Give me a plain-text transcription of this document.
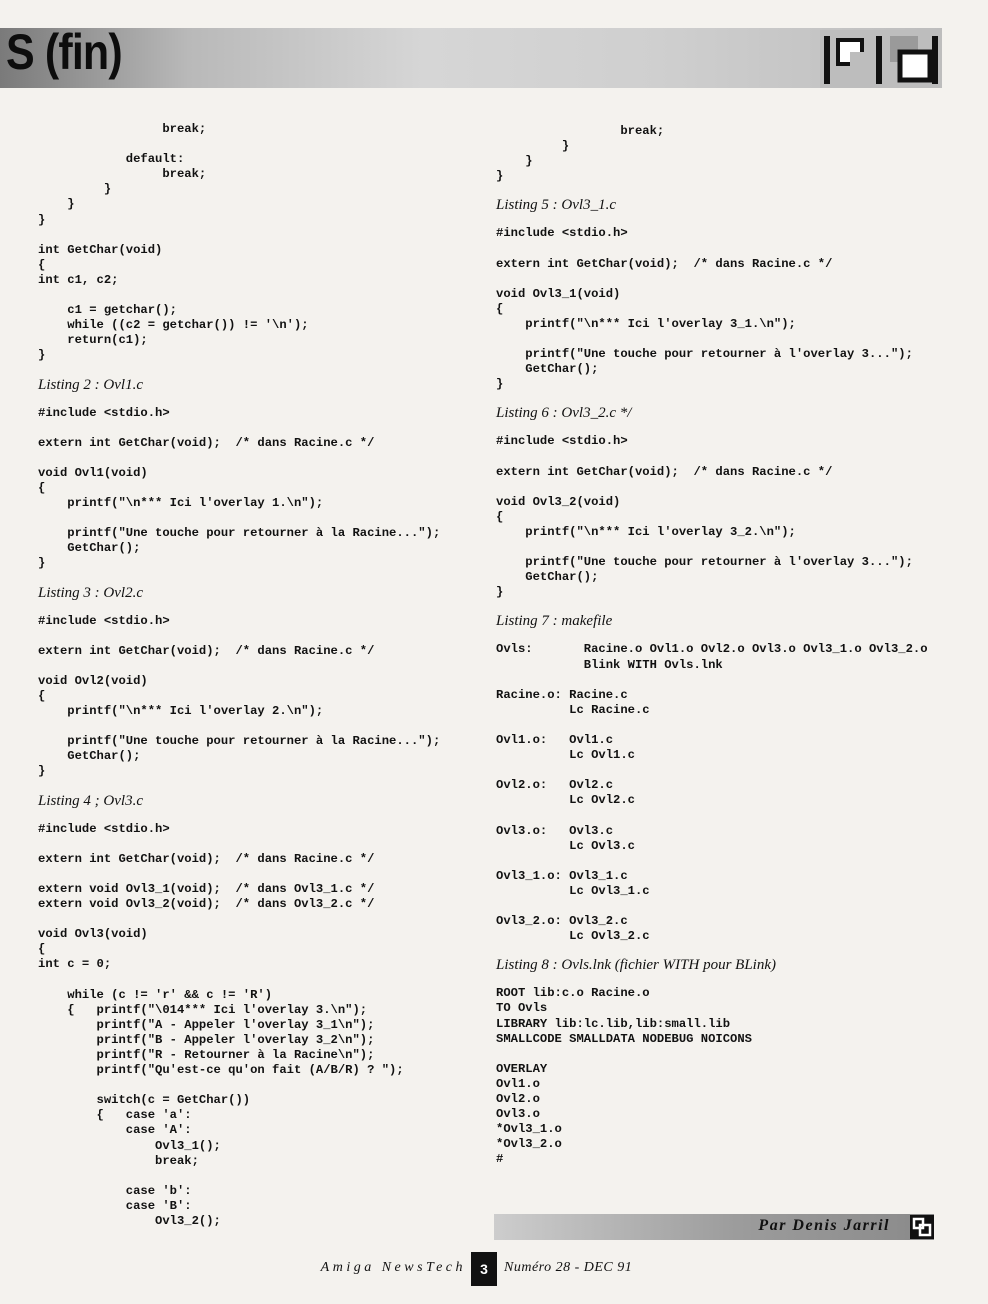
S (fin)
break;

default:
break;
}
}
}

int GetChar(void)
{
int c1, c2;

c1 = getchar();
while ((c2 = getchar()) != '\n');
return(c1);
}

Listing 2 : Ovl1.c

#include <stdio.h>

extern int GetChar(void);  /* dans Racine.c */

void Ovl1(void)
{
printf("\n*** Ici l'overlay 1.\n");

printf("Une touche pour retourner à la Racine...");
GetChar();
}

Listing 3 : Ovl2.c

#include <stdio.h>

extern int GetChar(void);  /* dans Racine.c */

void Ovl2(void)
{
printf("\n*** Ici l'overlay 2.\n");

printf("Une touche pour retourner à la Racine...");
GetChar();
}

Listing 4 ; Ovl3.c

#include <stdio.h>

extern int GetChar(void);  /* dans Racine.c */

extern void Ovl3_1(void);  /* dans Ovl3_1.c */
extern void Ovl3_2(void);  /* dans Ovl3_2.c */

void Ovl3(void)
{
int c = 0;

while (c != 'r' && c != 'R')
{   printf("\014*** Ici l'overlay 3.\n");
printf("A - Appeler l'overlay 3_1\n");
printf("B - Appeler l'overlay 3_2\n");
printf("R - Retourner à la Racine\n");
printf("Qu'est-ce qu'on fait (A/B/R) ? ");

switch(c = GetChar())
{   case 'a':
case 'A':
Ovl3_1();
break;

case 'b':
case 'B':
Ovl3_2();
break;
}
}
}

Listing 5 : Ovl3_1.c

#include <stdio.h>

extern int GetChar(void);  /* dans Racine.c */

void Ovl3_1(void)
{
printf("\n*** Ici l'overlay 3_1.\n");

printf("Une touche pour retourner à l'overlay 3...");
GetChar();
}

Listing 6 : Ovl3_2.c */

#include <stdio.h>

extern int GetChar(void);  /* dans Racine.c */

void Ovl3_2(void)
{
printf("\n*** Ici l'overlay 3_2.\n");

printf("Une touche pour retourner à l'overlay 3...");
GetChar();
}

Listing 7 : makefile

Ovls:       Racine.o Ovl1.o Ovl2.o Ovl3.o Ovl3_1.o Ovl3_2.o
Blink WITH Ovls.lnk

Racine.o: Racine.c
Lc Racine.c

Ovl1.o:   Ovl1.c
Lc Ovl1.c

Ovl2.o:   Ovl2.c
Lc Ovl2.c

Ovl3.o:   Ovl3.c
Lc Ovl3.c

Ovl3_1.o: Ovl3_1.c
Lc Ovl3_1.c

Ovl3_2.o: Ovl3_2.c
Lc Ovl3_2.c

Listing 8 : Ovls.lnk (fichier WITH pour BLink)

ROOT lib:c.o Racine.o
TO Ovls
LIBRARY lib:lc.lib,lib:small.lib
SMALLCODE SMALLDATA NODEBUG NOICONS

OVERLAY
Ovl1.o
Ovl2.o
Ovl3.o
*Ovl3_1.o
*Ovl3_2.o
#
Par Denis Jarril
Amiga NewsTech	3	Numéro 28 - DEC 91
